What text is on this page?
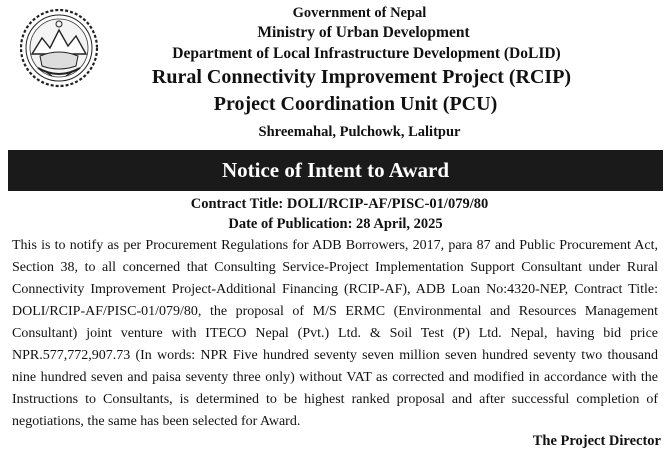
Government of Nepal
Ministry of Urban Development
Department of Local Infrastructure Development (DoLID)
Rural Connectivity Improvement Project (RCIP)
Project Coordination Unit (PCU)
Shreemahal, Pulchowk, Lalitpur
Notice of Intent to Award
Contract Title: DOLI/RCIP-AF/PISC-01/079/80
Date of Publication: 28 April, 2025
This is to notify as per Procurement Regulations for ADB Borrowers, 2017, para 87 and Public Procurement Act, Section 38, to all concerned that Consulting Service-Project Implementation Support Consultant under Rural Connectivity Improvement Project-Additional Financing (RCIP-AF), ADB Loan No:4320-NEP, Contract Title: DOLI/RCIP-AF/PISC-01/079/80, the proposal of M/S ERMC (Environmental and Resources Management Consultant) joint venture with ITECO Nepal (Pvt.) Ltd. & Soil Test (P) Ltd. Nepal, having bid price NPR.577,772,907.73 (In words: NPR Five hundred seventy seven million seven hundred seventy two thousand nine hundred seven and paisa seventy three only) without VAT as corrected and modified in accordance with the Instructions to Consultants, is determined to be highest ranked proposal and after successful completion of negotiations, the same has been selected for Award.
The Project Director
